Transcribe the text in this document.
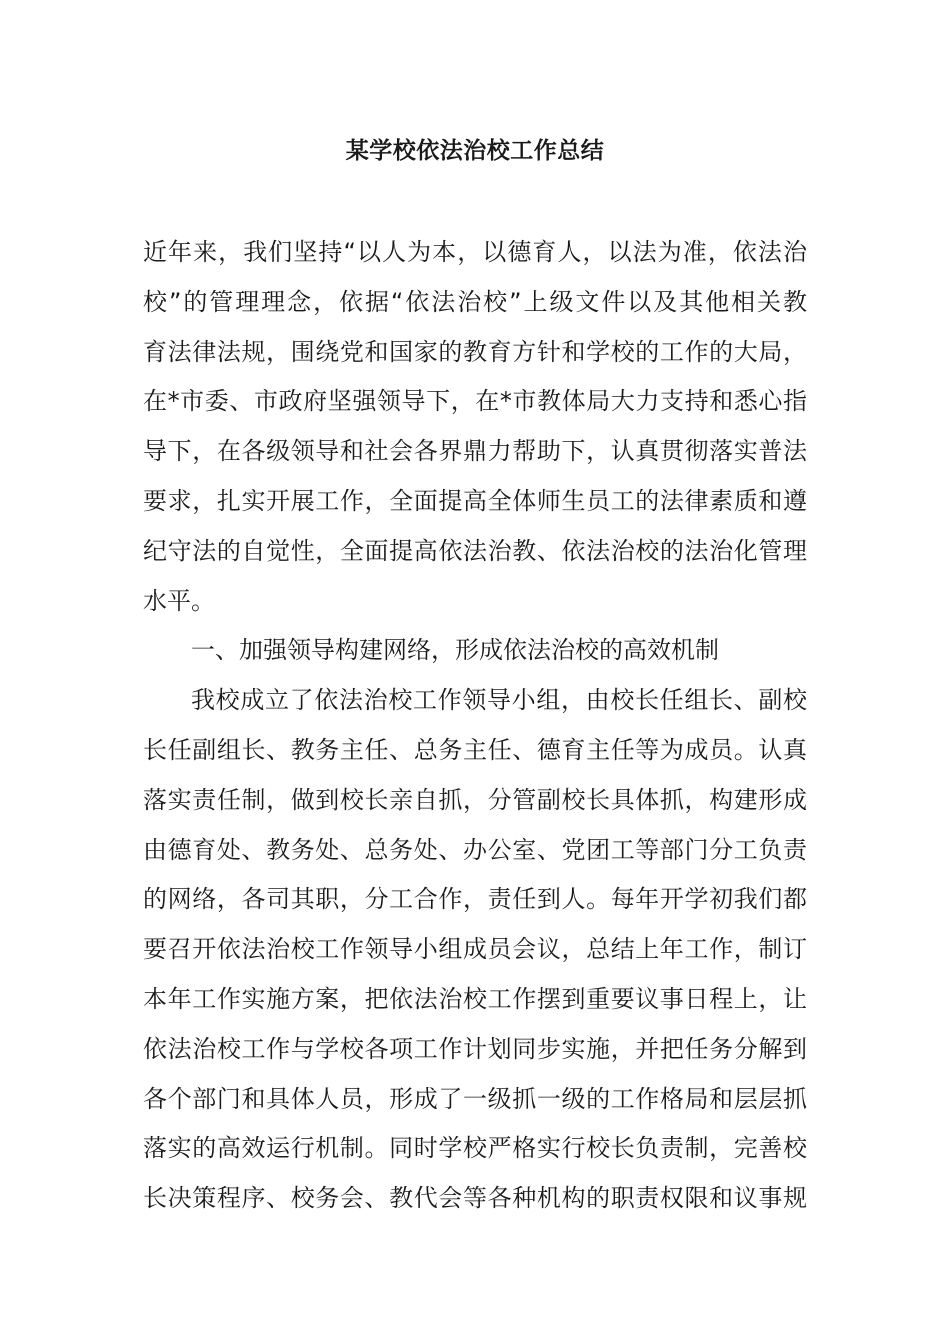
某学校依法治校工作总结
近年来，我们坚持“以人为本，以德育人，以法为准，依法治
校”的管理理念，依据“依法治校”上级文件以及其他相关教
育法律法规，围绕党和国家的教育方针和学校的工作的大局，
在*市委、市政府坚强领导下，在*市教体局大力支持和悉心指
导下，在各级领导和社会各界鼎力帮助下，认真贯彻落实普法
要求，扎实开展工作，全面提高全体师生员工的法律素质和遵
纪守法的自觉性，全面提高依法治教、依法治校的法治化管理
水平。
一、加强领导构建网络，形成依法治校的高效机制
我校成立了依法治校工作领导小组，由校长任组长、副校
长任副组长、教务主任、总务主任、德育主任等为成员。认真
落实责任制，做到校长亲自抓，分管副校长具体抓，构建形成
由德育处、教务处、总务处、办公室、党团工等部门分工负责
的网络，各司其职，分工合作，责任到人。每年开学初我们都
要召开依法治校工作领导小组成员会议，总结上年工作，制订
本年工作实施方案，把依法治校工作摆到重要议事日程上，让
依法治校工作与学校各项工作计划同步实施，并把任务分解到
各个部门和具体人员，形成了一级抓一级的工作格局和层层抓
落实的高效运行机制。同时学校严格实行校长负责制，完善校
长决策程序、校务会、教代会等各种机构的职责权限和议事规
